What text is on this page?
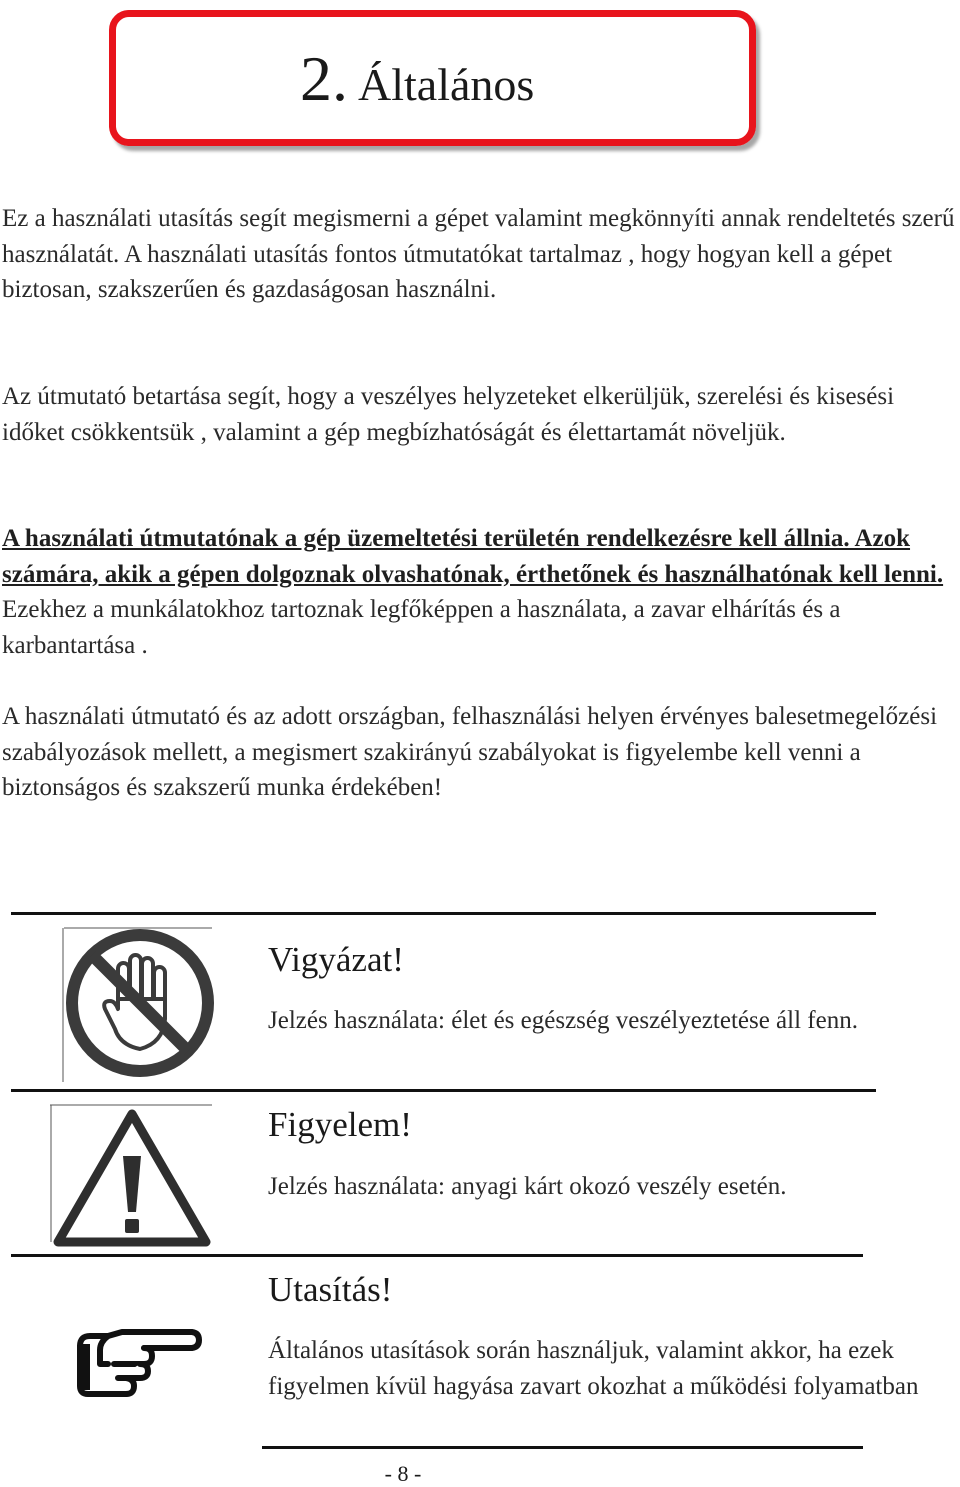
2. Általános

Ez a használati utasítás segít megismerni a gépet valamint megkönnyíti annak rendeltetés szerű használatát. A használati utasítás fontos útmutatókat tartalmaz , hogy hogyan kell a gépet biztosan, szakszerűen és gazdaságosan használni.

Az útmutató betartása segít, hogy a veszélyes helyzeteket elkerüljük, szerelési és kisesési időket csökkentsük , valamint a gép megbízhatóságát és élettartamát növeljük.

A használati útmutatónak a gép üzemeltetési területén rendelkezésre kell állnia. Azok számára, akik a gépen dolgoznak olvashatónak, érthetőnek és használhatónak kell lenni. Ezekhez a munkálatokhoz tartoznak legfőképpen a használata, a zavar elhárítás és a karbantartása .

A használati útmutató és az adott országban, felhasználási helyen érvényes balesetmegelőzési szabályozások mellett, a megismert szakirányú szabályokat is figyelembe kell venni a biztonságos és szakszerű munka érdekében!

Vigyázat!

Jelzés használata: élet és egészség veszélyeztetése áll fenn.

Figyelem!

Jelzés használata: anyagi kárt okozó veszély esetén.

Utasítás!

Általános utasítások során használjuk, valamint akkor, ha ezek figyelmen kívül hagyása zavart okozhat a működési folyamatban

- 8 -
